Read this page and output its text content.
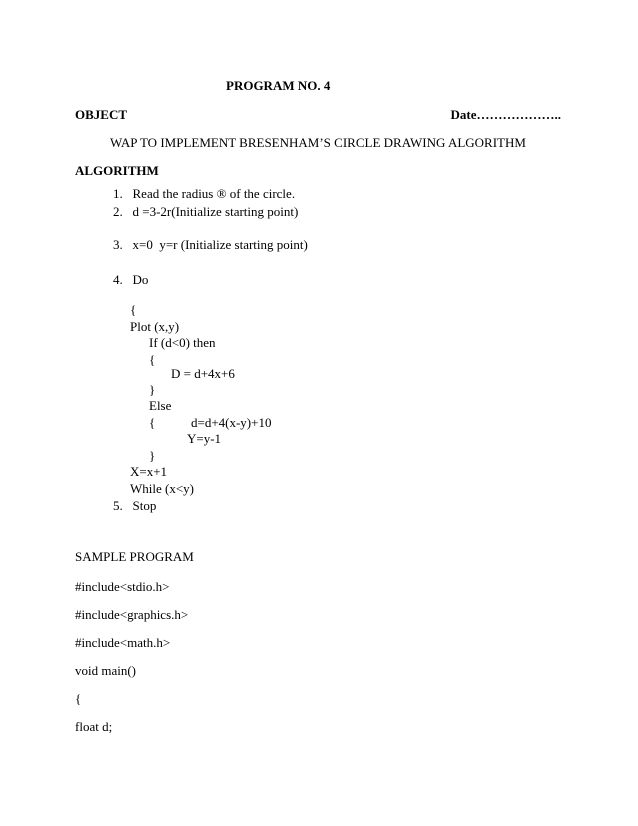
PROGRAM NO. 4
OBJECT	Date………………..
WAP TO IMPLEMENT BRESENHAM’S CIRCLE DRAWING ALGORITHM
ALGORITHM
1.   Read the radius ® of the circle.
2.   d =3-2r(Initialize starting point)
3.   x=0  y=r (Initialize starting point)
4.   Do
{
Plot (x,y)
If (d<0) then
{
D = d+4x+6
}
Else
{           d=d+4(x-y)+10
Y=y-1
}
X=x+1
While (x<y)
5.   Stop
SAMPLE PROGRAM
#include<stdio.h>
#include<graphics.h>
#include<math.h>
void main()
{
float d;
